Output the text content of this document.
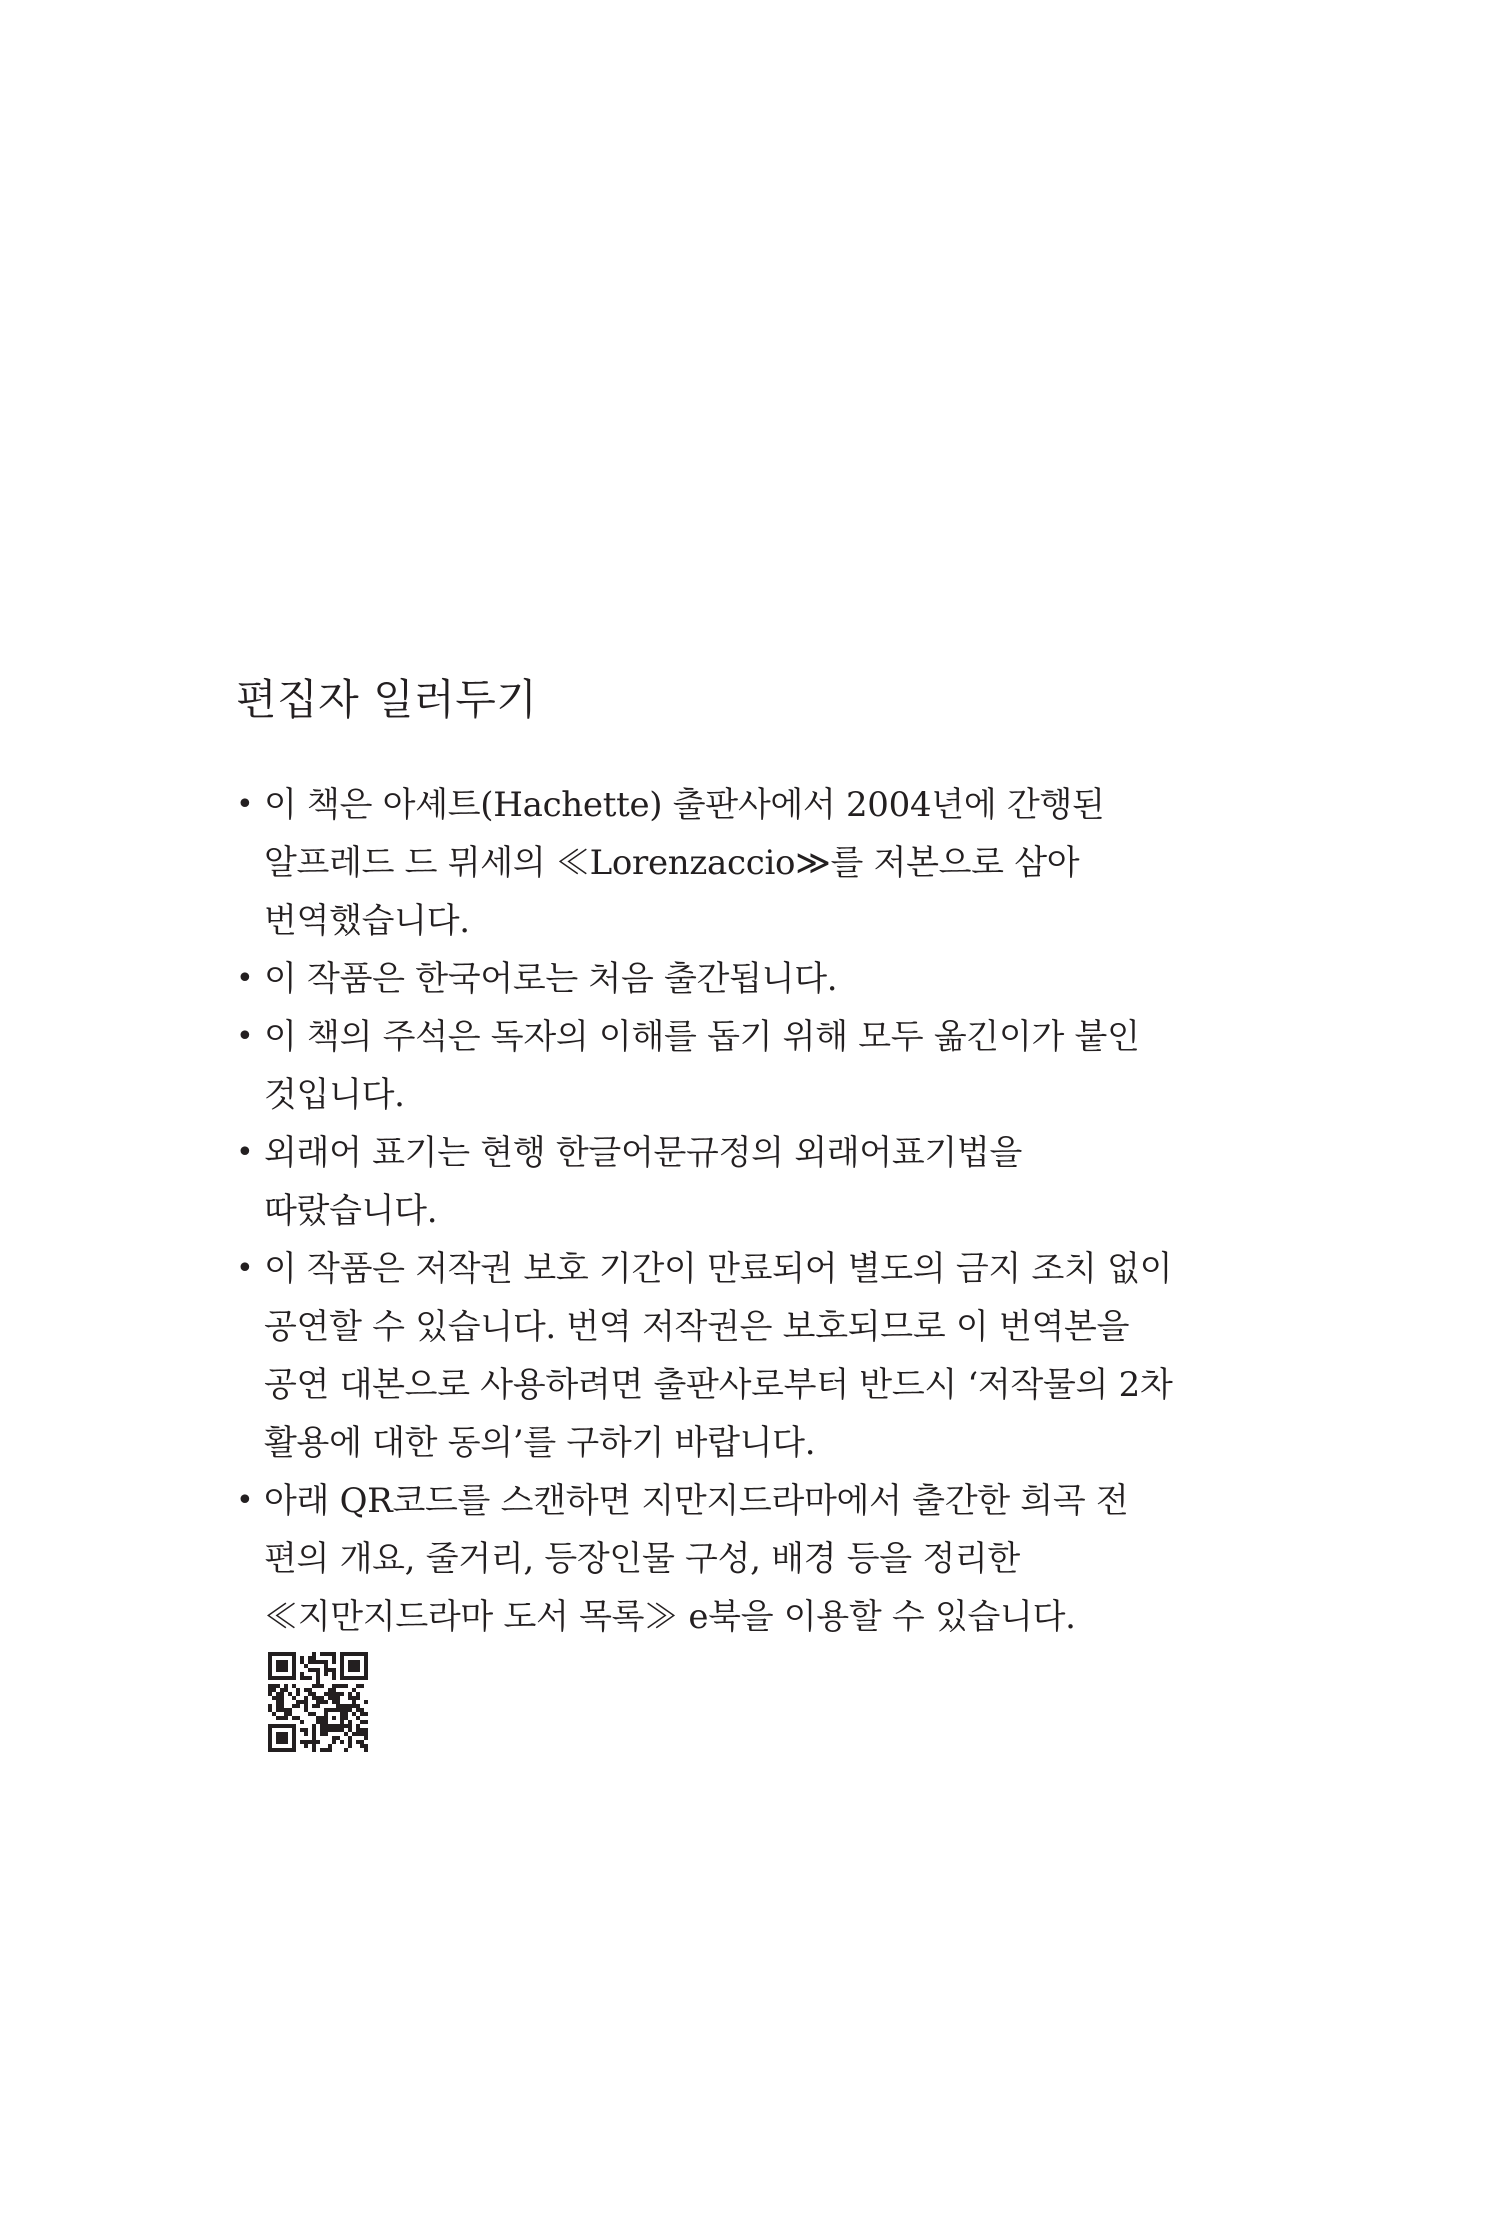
편집자 일러두기
• 이 책은 아셰트(Hachette) 출판사에서 2004년에 간행된
알프레드 드 뮈세의 ≪Lorenzaccio≫를 저본으로 삼아
번역했습니다.
• 이 작품은 한국어로는 처음 출간됩니다.
• 이 책의 주석은 독자의 이해를 돕기 위해 모두 옮긴이가 붙인
것입니다.
• 외래어 표기는 현행 한글어문규정의 외래어표기법을
따랐습니다.
• 이 작품은 저작권 보호 기간이 만료되어 별도의 금지 조치 없이
공연할 수 있습니다. 번역 저작권은 보호되므로 이 번역본을
공연 대본으로 사용하려면 출판사로부터 반드시 ‘저작물의 2차
활용에 대한 동의’를 구하기 바랍니다.
• 아래 QR코드를 스캔하면 지만지드라마에서 출간한 희곡 전
편의 개요, 줄거리, 등장인물 구성, 배경 등을 정리한
≪지만지드라마 도서 목록≫ e북을 이용할 수 있습니다.
